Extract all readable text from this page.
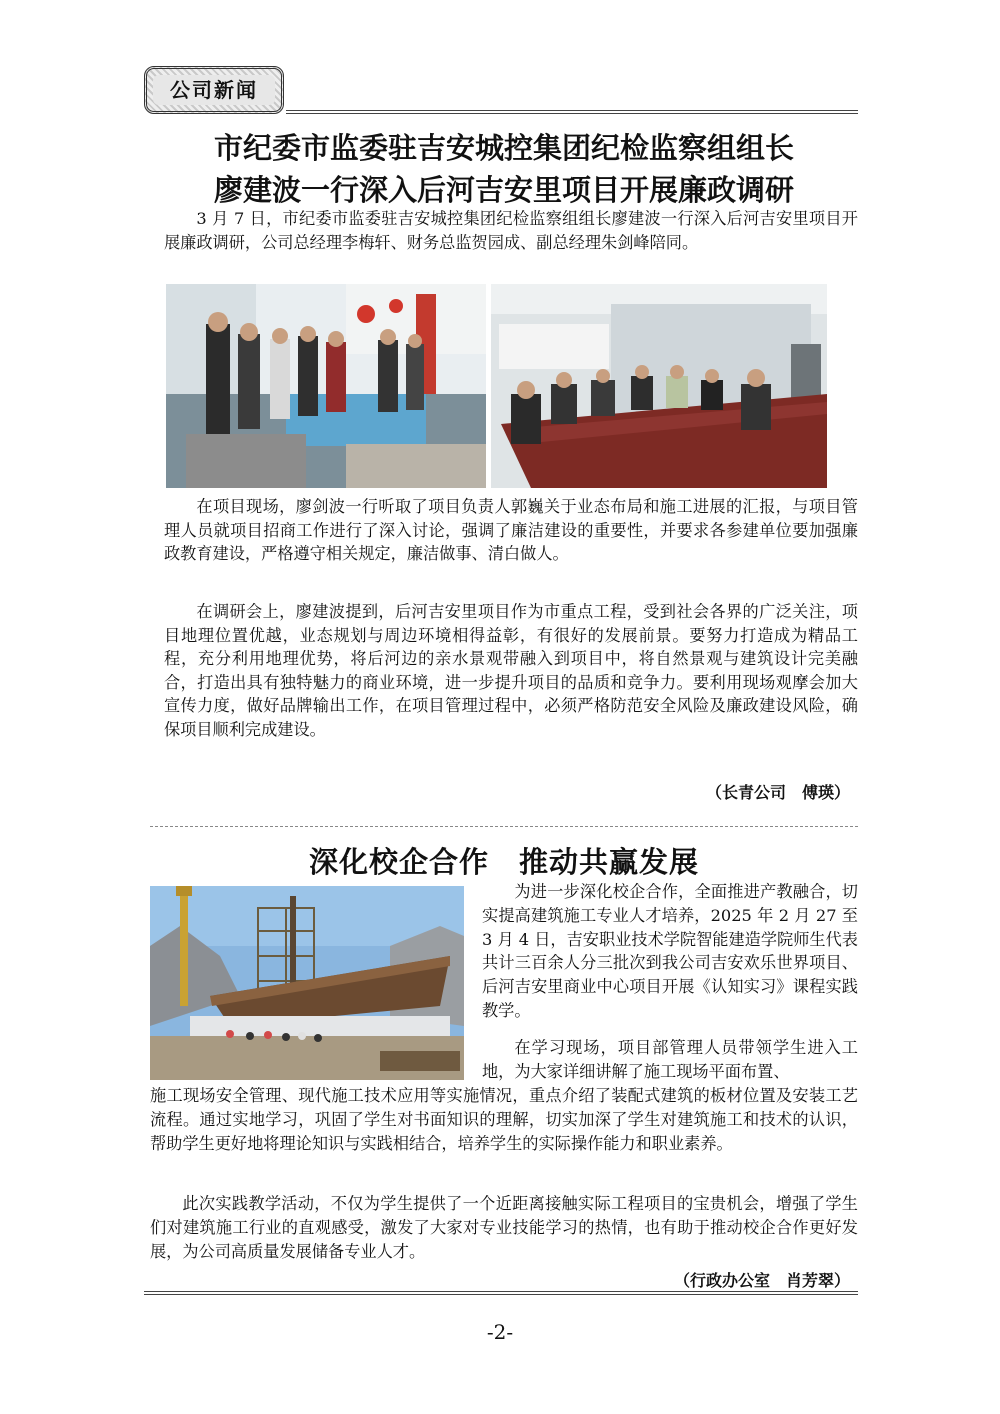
公司新闻
市纪委市监委驻吉安城控集团纪检监察组组长
廖建波一行深入后河吉安里项目开展廉政调研

3 月 7 日，市纪委市监委驻吉安城控集团纪检监察组组长廖建波一行深入后河吉安里项目开展廉政调研，公司总经理李梅轩、财务总监贺园成、副总经理朱剑峰陪同。

在项目现场，廖剑波一行听取了项目负责人郭巍关于业态布局和施工进展的汇报，与项目管理人员就项目招商工作进行了深入讨论，强调了廉洁建设的重要性，并要求各参建单位要加强廉政教育建设，严格遵守相关规定，廉洁做事、清白做人。

在调研会上，廖建波提到，后河吉安里项目作为市重点工程，受到社会各界的广泛关注，项目地理位置优越，业态规划与周边环境相得益彰，有很好的发展前景。要努力打造成为精品工程，充分利用地理优势，将后河边的亲水景观带融入到项目中，将自然景观与建筑设计完美融合，打造出具有独特魅力的商业环境，进一步提升项目的品质和竞争力。要利用现场观摩会加大宣传力度，做好品牌输出工作，在项目管理过程中，必须严格防范安全风险及廉政建设风险，确保项目顺利完成建设。

（长青公司　傅瑛）

深化校企合作　推动共赢发展

为进一步深化校企合作，全面推进产教融合，切实提高建筑施工专业人才培养，2025 年 2 月 27 至 3 月 4 日，吉安职业技术学院智能建造学院师生代表共计三百余人分三批次到我公司吉安欢乐世界项目、后河吉安里商业中心项目开展《认知实习》课程实践教学。

在学习现场，项目部管理人员带领学生进入工地，为大家详细讲解了施工现场平面布置、

施工现场安全管理、现代施工技术应用等实施情况，重点介绍了装配式建筑的板材位置及安装工艺流程。通过实地学习，巩固了学生对书面知识的理解，切实加深了学生对建筑施工和技术的认识，帮助学生更好地将理论知识与实践相结合，培养学生的实际操作能力和职业素养。

此次实践教学活动，不仅为学生提供了一个近距离接触实际工程项目的宝贵机会，增强了学生们对建筑施工行业的直观感受，激发了大家对专业技能学习的热情，也有助于推动校企合作更好发展，为公司高质量发展储备专业人才。

（行政办公室　肖芳翠）

-2-
